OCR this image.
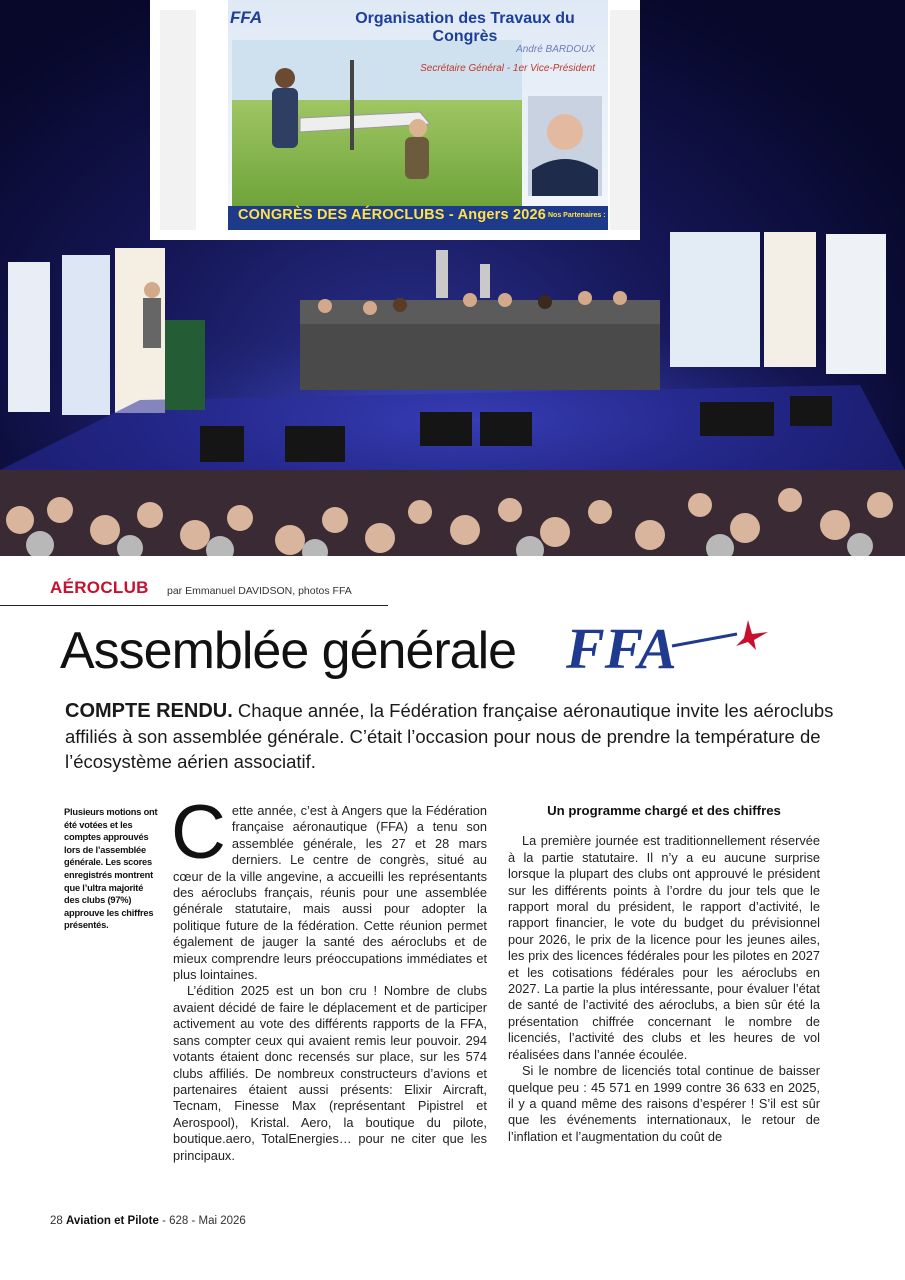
FFA	Organisation des Travaux du Congrès
André BARDOUX
Secrétaire Général - 1er Vice-Président
CONGRÈS DES AÉROCLUBS - Angers 2026 Nos Partenaires :
AÉROCLUB par Emmanuel DAVIDSON, photos FFA
Assemblée générale FFA
COMPTE RENDU. Chaque année, la Fédération française aéronautique invite les aéroclubs affiliés à son assemblée générale. C’était l’occasion pour nous de prendre la température de l’écosystème aérien associatif.
Plusieurs motions ont été votées et les comptes approuvés lors de l’assemblée générale. Les scores enregistrés montrent que l’ultra majorité des clubs (97%) approuve les chiffres présentés.

Cette année, c’est à Angers que la Fédération française aéronautique (FFA) a tenu son assemblée générale, les 27 et 28 mars derniers. Le centre de congrès, situé au cœur de la ville angevine, a accueilli les représentants des aéroclubs français, réunis pour une assemblée générale statutaire, mais aussi pour adopter la politique future de la fédération. Cette réunion permet également de jauger la santé des aéroclubs et de mieux comprendre leurs préoccupations immédiates et plus lointaines.

L’édition 2025 est un bon cru ! Nombre de clubs avaient décidé de faire le déplacement et de participer activement au vote des différents rapports de la FFA, sans compter ceux qui avaient remis leur pouvoir. 294 votants étaient donc recensés sur place, sur les 574 clubs affiliés. De nombreux constructeurs d’avions et partenaires étaient aussi présents: Elixir Aircraft, Tecnam, Finesse Max (représentant Pipistrel et Aerospool), Kristal. Aero, la boutique du pilote, boutique.aero, TotalEnergies… pour ne citer que les principaux.

Un programme chargé et des chiffres

La première journée est traditionnellement réservée à la partie statutaire. Il n’y a eu aucune surprise lorsque la plupart des clubs ont approuvé le président sur les différents points à l’ordre du jour tels que le rapport moral du président, le rapport d’activité, le rapport financier, le vote du budget du prévisionnel pour 2026, le prix de la licence pour les jeunes ailes, les prix des licences fédérales pour les pilotes en 2027 et les cotisations fédérales pour les aéroclubs en 2027. La partie la plus intéressante, pour évaluer l’état de santé de l’activité des aéroclubs, a bien sûr été la présentation chiffrée concernant le nombre de licenciés, l’activité des clubs et les heures de vol réalisées dans l’année écoulée.

Si le nombre de licenciés total continue de baisser quelque peu : 45 571 en 1999 contre 36 633 en 2025, il y a quand même des raisons d’espérer ! S’il est sûr que les événements internationaux, le retour de l’inflation et l’augmentation du coût de

28 Aviation et Pilote - 628 - Mai 2026
